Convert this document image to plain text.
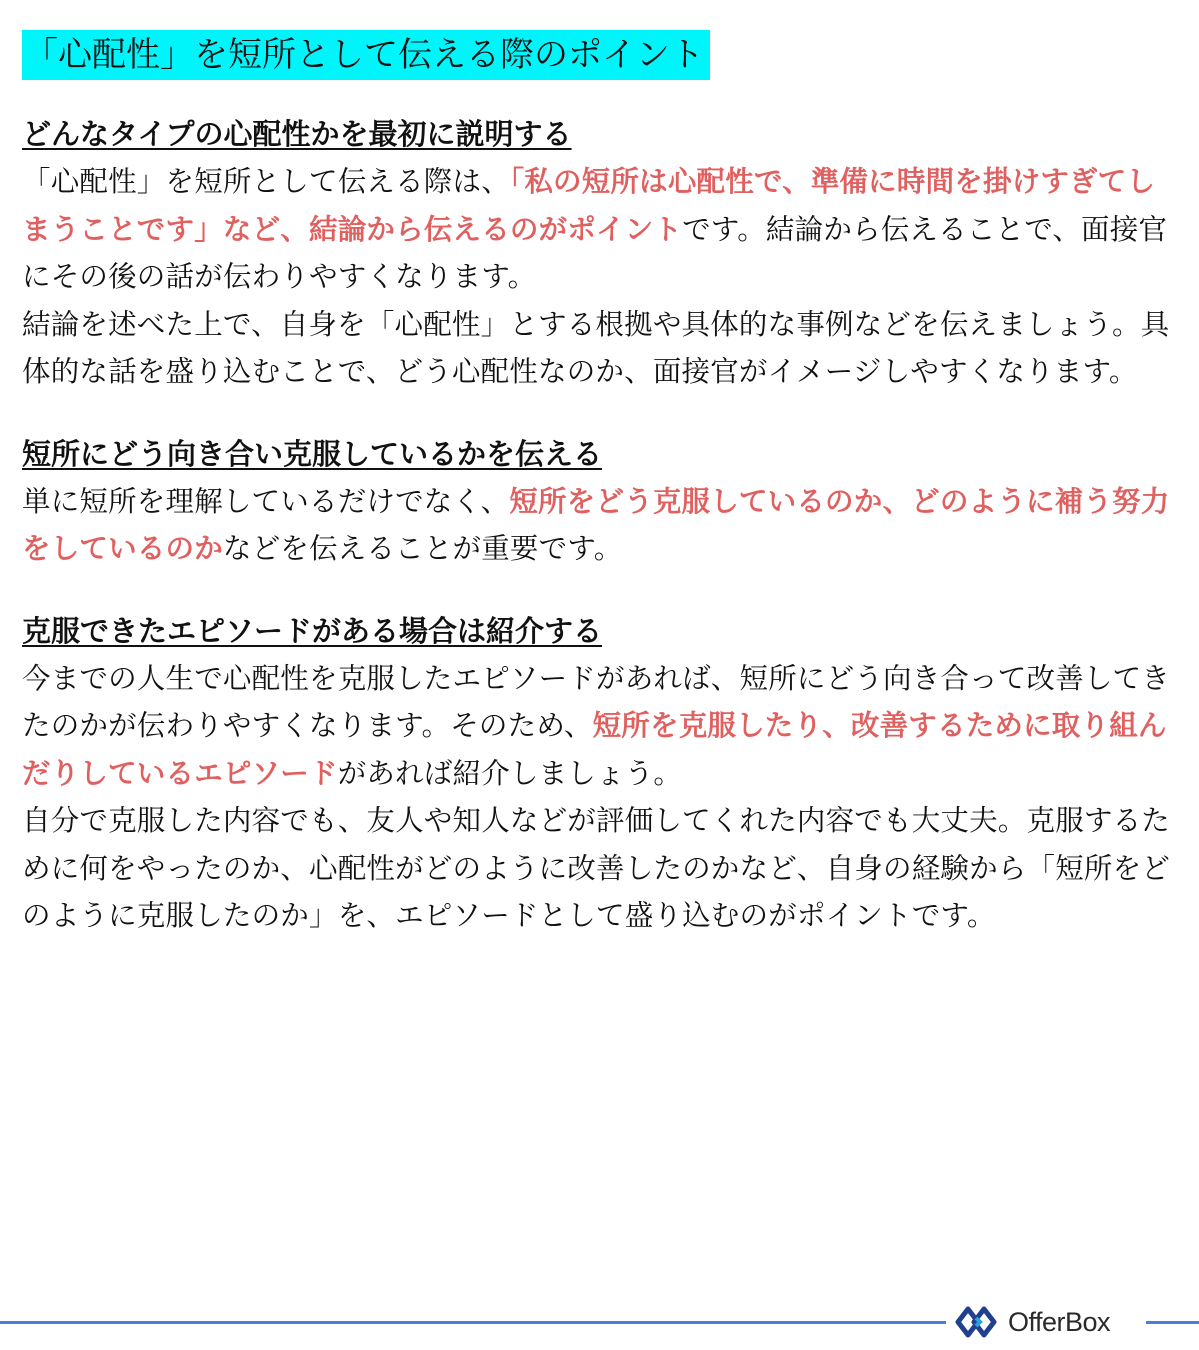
「心配性」を短所として伝える際のポイント
どんなタイプの心配性かを最初に説明する

「心配性」を短所として伝える際は、「私の短所は心配性で、準備に時間を掛けすぎてしまうことです」など、結論から伝えるのがポイントです。結論から伝えることで、面接官にその後の話が伝わりやすくなります。

結論を述べた上で、自身を「心配性」とする根拠や具体的な事例などを伝えましょう。具体的な話を盛り込むことで、どう心配性なのか、面接官がイメージしやすくなります。

短所にどう向き合い克服しているかを伝える

単に短所を理解しているだけでなく、短所をどう克服しているのか、どのように補う努力をしているのかなどを伝えることが重要です。

克服できたエピソードがある場合は紹介する

今までの人生で心配性を克服したエピソードがあれば、短所にどう向き合って改善してきたのかが伝わりやすくなります。そのため、短所を克服したり、改善するために取り組んだりしているエピソードがあれば紹介しましょう。

自分で克服した内容でも、友人や知人などが評価してくれた内容でも大丈夫。克服するために何をやったのか、心配性がどのように改善したのかなど、自身の経験から「短所をどのように克服したのか」を、エピソードとして盛り込むのがポイントです。

OfferBox
